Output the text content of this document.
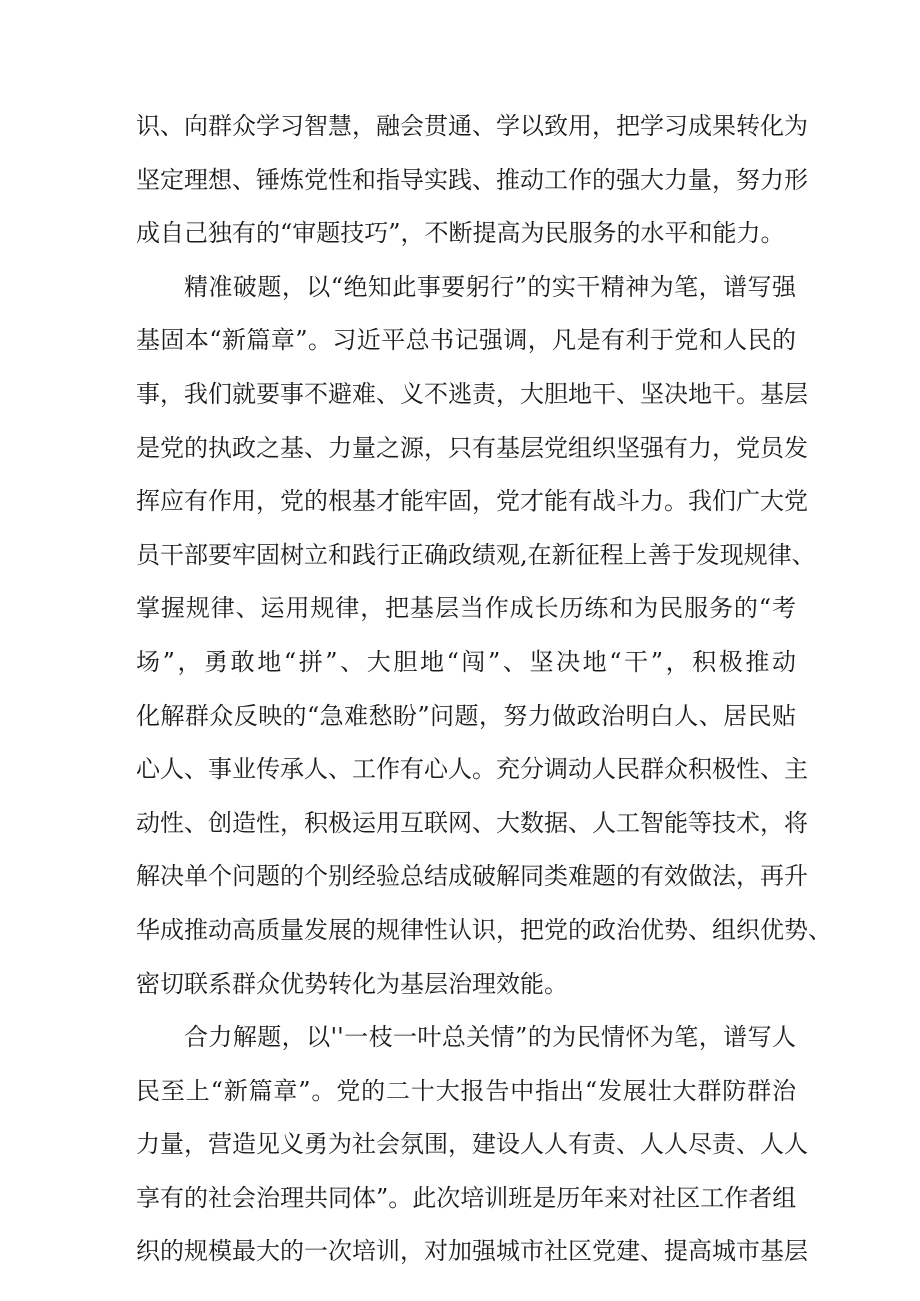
识、向群众学习智慧，融会贯通、学以致用，把学习成果转化为
坚定理想、锤炼党性和指导实践、推动工作的强大力量，努力形
成自己独有的“审题技巧”，不断提高为民服务的水平和能力。
精准破题，以“绝知此事要躬行”的实干精神为笔，谱写强
基固本“新篇章”。习近平总书记强调，凡是有利于党和人民的
事，我们就要事不避难、义不逃责，大胆地干、坚决地干。基层
是党的执政之基、力量之源，只有基层党组织坚强有力，党员发
挥应有作用，党的根基才能牢固，党才能有战斗力。我们广大党
员干部要牢固树立和践行正确政绩观,在新征程上善于发现规律、
掌握规律、运用规律，把基层当作成长历练和为民服务的“考
场”，勇敢地“拼”、大胆地“闯”、坚决地“干”，积极推动
化解群众反映的“急难愁盼”问题，努力做政治明白人、居民贴
心人、事业传承人、工作有心人。充分调动人民群众积极性、主
动性、创造性，积极运用互联网、大数据、人工智能等技术，将
解决单个问题的个别经验总结成破解同类难题的有效做法，再升
华成推动高质量发展的规律性认识，把党的政治优势、组织优势、
密切联系群众优势转化为基层治理效能。
合力解题，以''一枝一叶总关情”的为民情怀为笔，谱写人
民至上“新篇章”。党的二十大报告中指出“发展壮大群防群治
力量，营造见义勇为社会氛围，建设人人有责、人人尽责、人人
享有的社会治理共同体”。此次培训班是历年来对社区工作者组
织的规模最大的一次培训，对加强城市社区党建、提高城市基层
